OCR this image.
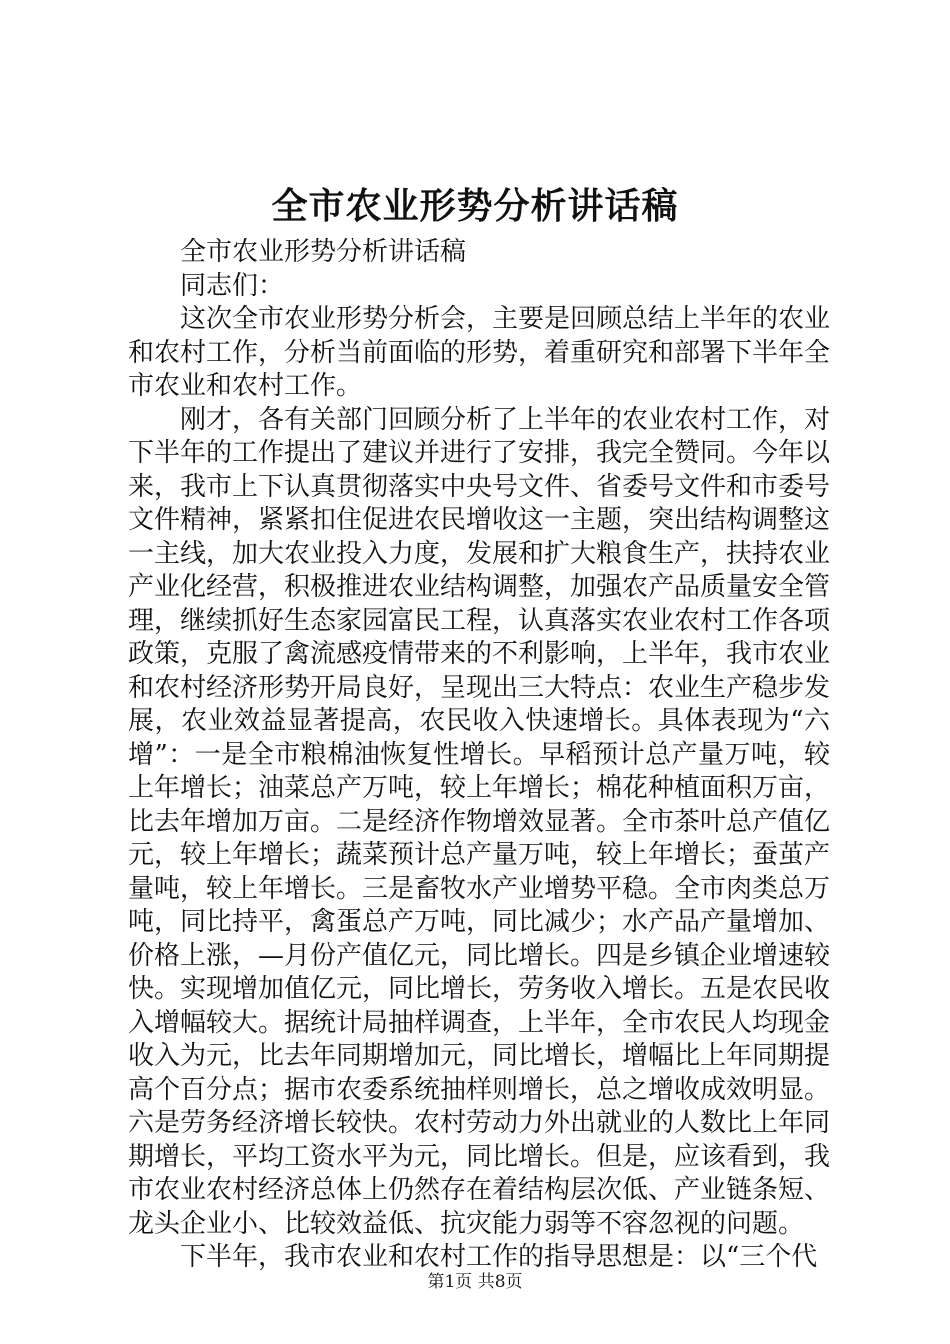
全市农业形势分析讲话稿

全市农业形势分析讲话稿

同志们：

这次全市农业形势分析会，主要是回顾总结上半年的农业和农村工作，分析当前面临的形势，着重研究和部署下半年全市农业和农村工作。

刚才，各有关部门回顾分析了上半年的农业农村工作，对下半年的工作提出了建议并进行了安排，我完全赞同。今年以来，我市上下认真贯彻落实中央号文件、省委号文件和市委号文件精神，紧紧扣住促进农民增收这一主题，突出结构调整这一主线，加大农业投入力度，发展和扩大粮食生产，扶持农业产业化经营，积极推进农业结构调整，加强农产品质量安全管理，继续抓好生态家园富民工程，认真落实农业农村工作各项政策，克服了禽流感疫情带来的不利影响，上半年，我市农业和农村经济形势开局良好，呈现出三大特点：农业生产稳步发展，农业效益显著提高，农民收入快速增长。具体表现为“六增”：一是全市粮棉油恢复性增长。早稻预计总产量万吨，较上年增长；油菜总产万吨，较上年增长；棉花种植面积万亩，比去年增加万亩。二是经济作物增效显著。全市茶叶总产值亿元，较上年增长；蔬菜预计总产量万吨，较上年增长；蚕茧产量吨，较上年增长。三是畜牧水产业增势平稳。全市肉类总万吨，同比持平，禽蛋总产万吨，同比减少；水产品产量增加、价格上涨，—月份产值亿元，同比增长。四是乡镇企业增速较快。实现增加值亿元，同比增长，劳务收入增长。五是农民收入增幅较大。据统计局抽样调查，上半年，全市农民人均现金收入为元，比去年同期增加元，同比增长，增幅比上年同期提高个百分点；据市农委系统抽样则增长，总之增收成效明显。六是劳务经济增长较快。农村劳动力外出就业的人数比上年同期增长，平均工资水平为元，同比增长。但是，应该看到，我市农业农村经济总体上仍然存在着结构层次低、产业链条短、龙头企业小、比较效益低、抗灾能力弱等不容忽视的问题。

下半年，我市农业和农村工作的指导思想是：以“三个代

第1页 共8页
